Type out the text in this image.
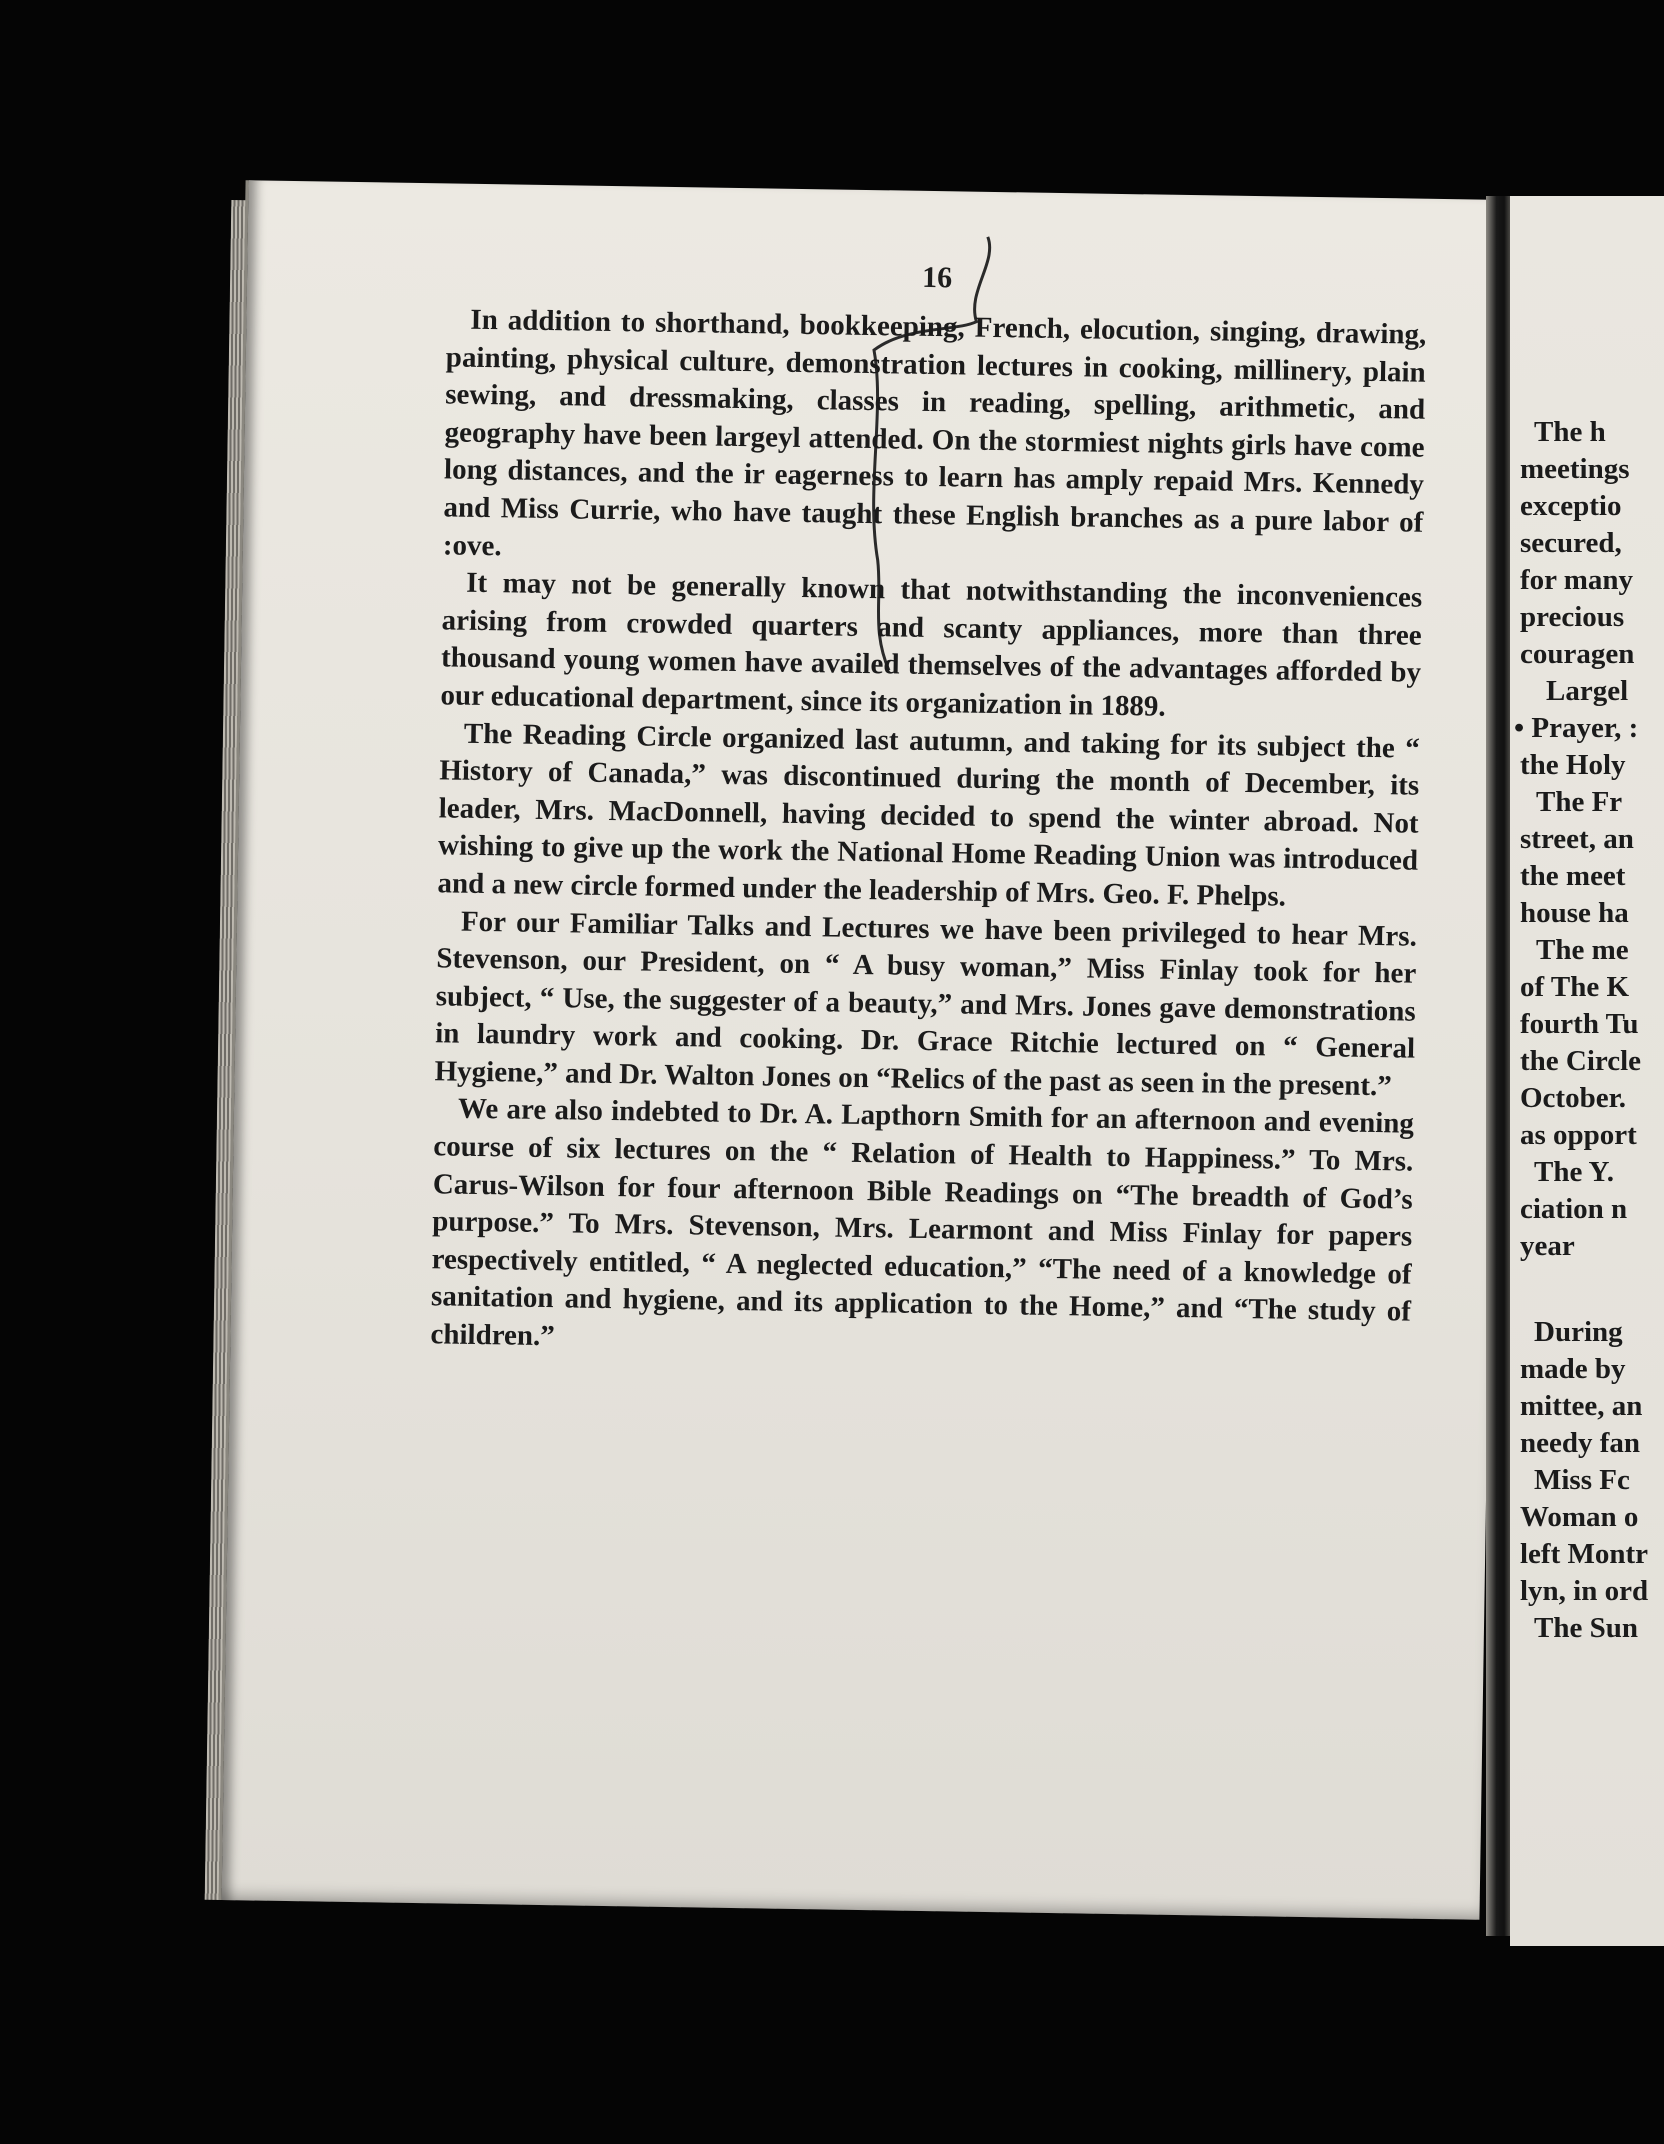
16

In addition to shorthand, bookkeeping, French, elocution, singing, drawing, painting, physical culture, demonstration lectures in cooking, millinery, plain sewing, and dressmaking, classes in reading, spelling, arithmetic, and geography have been largeyl attended. On the stormiest nights girls have come long distances, and the ir eagerness to learn has amply repaid Mrs. Kennedy and Miss Currie, who have taught these English branches as a pure labor of :ove.

It may not be generally known that notwithstanding the inconveniences arising from crowded quarters and scanty appliances, more than three thousand young women have availed themselves of the advantages afforded by our educational department, since its organization in 1889.

The Reading Circle organized last autumn, and taking for its subject the “ History of Canada,” was discontinued during the month of December, its leader, Mrs. MacDonnell, having decided to spend the winter abroad. Not wishing to give up the work the National Home Reading Union was introduced and a new circle formed under the leadership of Mrs. Geo. F. Phelps.

For our Familiar Talks and Lectures we have been privileged to hear Mrs. Stevenson, our President, on “ A busy woman,” Miss Finlay took for her subject, “ Use, the suggester of a beauty,” and Mrs. Jones gave demonstrations in laundry work and cooking. Dr. Grace Ritchie lectured on “ General Hygiene,” and Dr. Walton Jones on “Relics of the past as seen in the present.”

We are also indebted to Dr. A. Lapthorn Smith for an afternoon and evening course of six lectures on the “ Relation of Health to Happiness.” To Mrs. Carus-Wilson for four afternoon Bible Readings on “The breadth of God’s purpose.” To Mrs. Stevenson, Mrs. Learmont and Miss Finlay for papers respectively entitled, “ A neglected education,” “The need of a knowledge of sanitation and hygiene, and its application to the Home,” and “The study of children.”

The h
meetings
exceptio
secured,
for many
precious
couragen
Largel
• Prayer, :
the Holy
The Fr
street, an
the meet
house ha
The me
of The K
fourth Tu
the Circle
October.
as opport
The Y.
ciation n
year
During
made by
mittee, an
needy fan
Miss Fc
Woman o
left Montr
lyn, in ord
The Sun
